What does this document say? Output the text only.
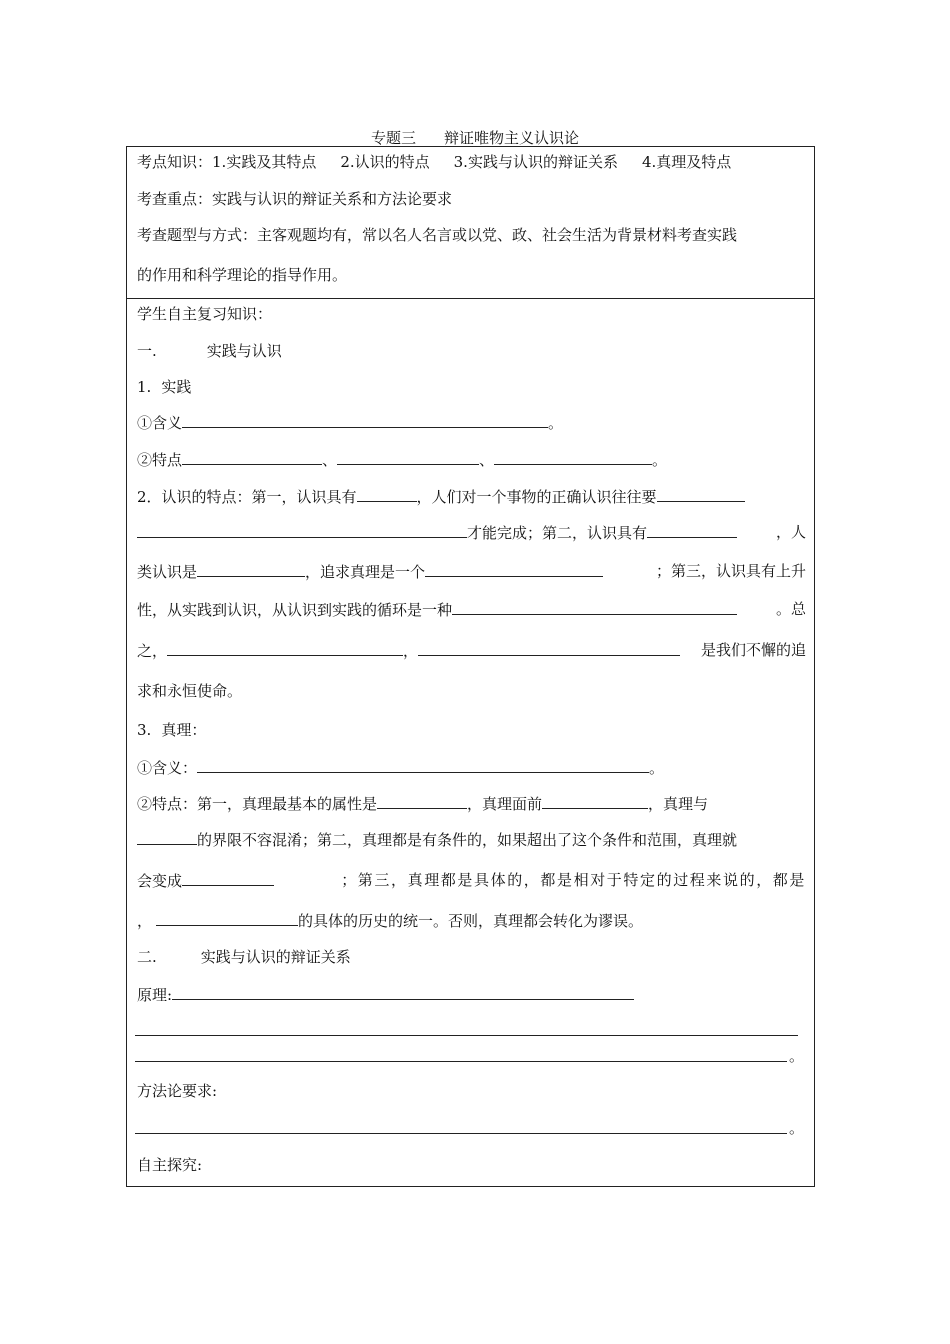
专题三 辩证唯物主义认识论
考点知识：1.实践及其特点 2.认识的特点 3.实践与认识的辩证关系 4.真理及特点
考查重点：实践与认识的辩证关系和方法论要求
考查题型与方式：主客观题均有，常以名人名言或以党、政、社会生活为背景材料考查实践
的作用和科学理论的指导作用。
学生自主复习知识：
一.	实践与认识
1. 实践
①含义	。
②特点	、	、	。
2．认识的特点：第一，认识具有	，人们对一个事物的正确认识往往要
才能完成；第二，认识具有	，人
类认识是	，追求真理是一个	；第三，认识具有上升
性，从实践到认识，从认识到实践的循环是一种	。总
之，	，	是我们不懈的追
求和永恒使命。
3. 真理：
①含义：	。
②特点：第一，真理最基本的属性是	，真理面前	，真理与
的界限不容混淆；第二，真理都是有条件的，如果超出了这个条件和范围，真理就
会变成	；第三，真理都是具体的，都是相对于特定的过程来说的，都是
，	的具体的历史的统一。否则，真理都会转化为谬误。
二.	实践与认识的辩证关系
原理:
。
方法论要求:
。
自主探究:
